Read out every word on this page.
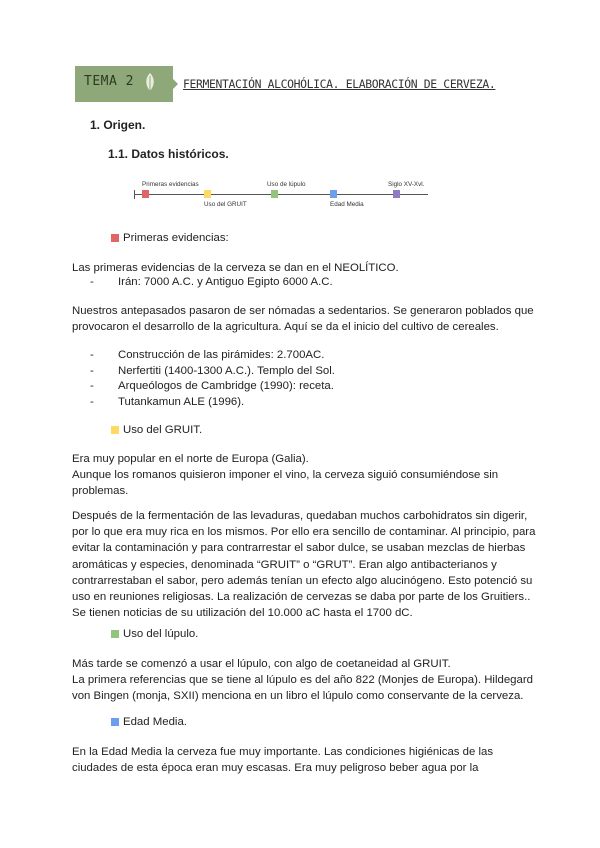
TEMA 2	FERMENTACIÓN ALCOHÓLICA. ELABORACIÓN DE CERVEZA.
1. Origen.
1.1. Datos históricos.
Primeras evidencias	Uso de lúpulo	Siglo XV-Xvl.
Uso del GRUIT	Edad Media
Primeras evidencias:
Las primeras evidencias de la cerveza se dan en el NEOLÍTICO.
-	Irán: 7000 A.C. y Antiguo Egipto 6000 A.C.
Nuestros antepasados pasaron de ser nómadas a sedentarios. Se generaron poblados que
provocaron el desarrollo de la agricultura. Aquí se da el inicio del cultivo de cereales.
-	Construcción de las pirámides: 2.700AC.
-	Nerfertiti (1400-1300 A.C.). Templo del Sol.
-	Arqueólogos de Cambridge (1990): receta.
-	Tutankamun ALE (1996).
Uso del GRUIT.
Era muy popular en el norte de Europa (Galia).
Aunque los romanos quisieron imponer el vino, la cerveza siguió consumiéndose sin
problemas.
Después de la fermentación de las levaduras, quedaban muchos carbohidratos sin digerir,
por lo que era muy rica en los mismos. Por ello era sencillo de contaminar. Al principio, para
evitar la contaminación y para contrarrestar el sabor dulce, se usaban mezclas de hierbas
aromáticas y especies, denominada “GRUIT” o “GRUT”. Eran algo antibacterianos y
contrarrestaban el sabor, pero además tenían un efecto algo alucinógeno. Esto potenció su
uso en reuniones religiosas. La realización de cervezas se daba por parte de los Gruitiers..
Se tienen noticias de su utilización del 10.000 aC hasta el 1700 dC.
Uso del lúpulo.
Más tarde se comenzó a usar el lúpulo, con algo de coetaneidad al GRUIT.
La primera referencias que se tiene al lúpulo es del año 822 (Monjes de Europa). Hildegard
von Bingen (monja, SXII) menciona en un libro el lúpulo como conservante de la cerveza.
Edad Media.
En la Edad Media la cerveza fue muy importante. Las condiciones higiénicas de las
ciudades de esta época eran muy escasas. Era muy peligroso beber agua por la
